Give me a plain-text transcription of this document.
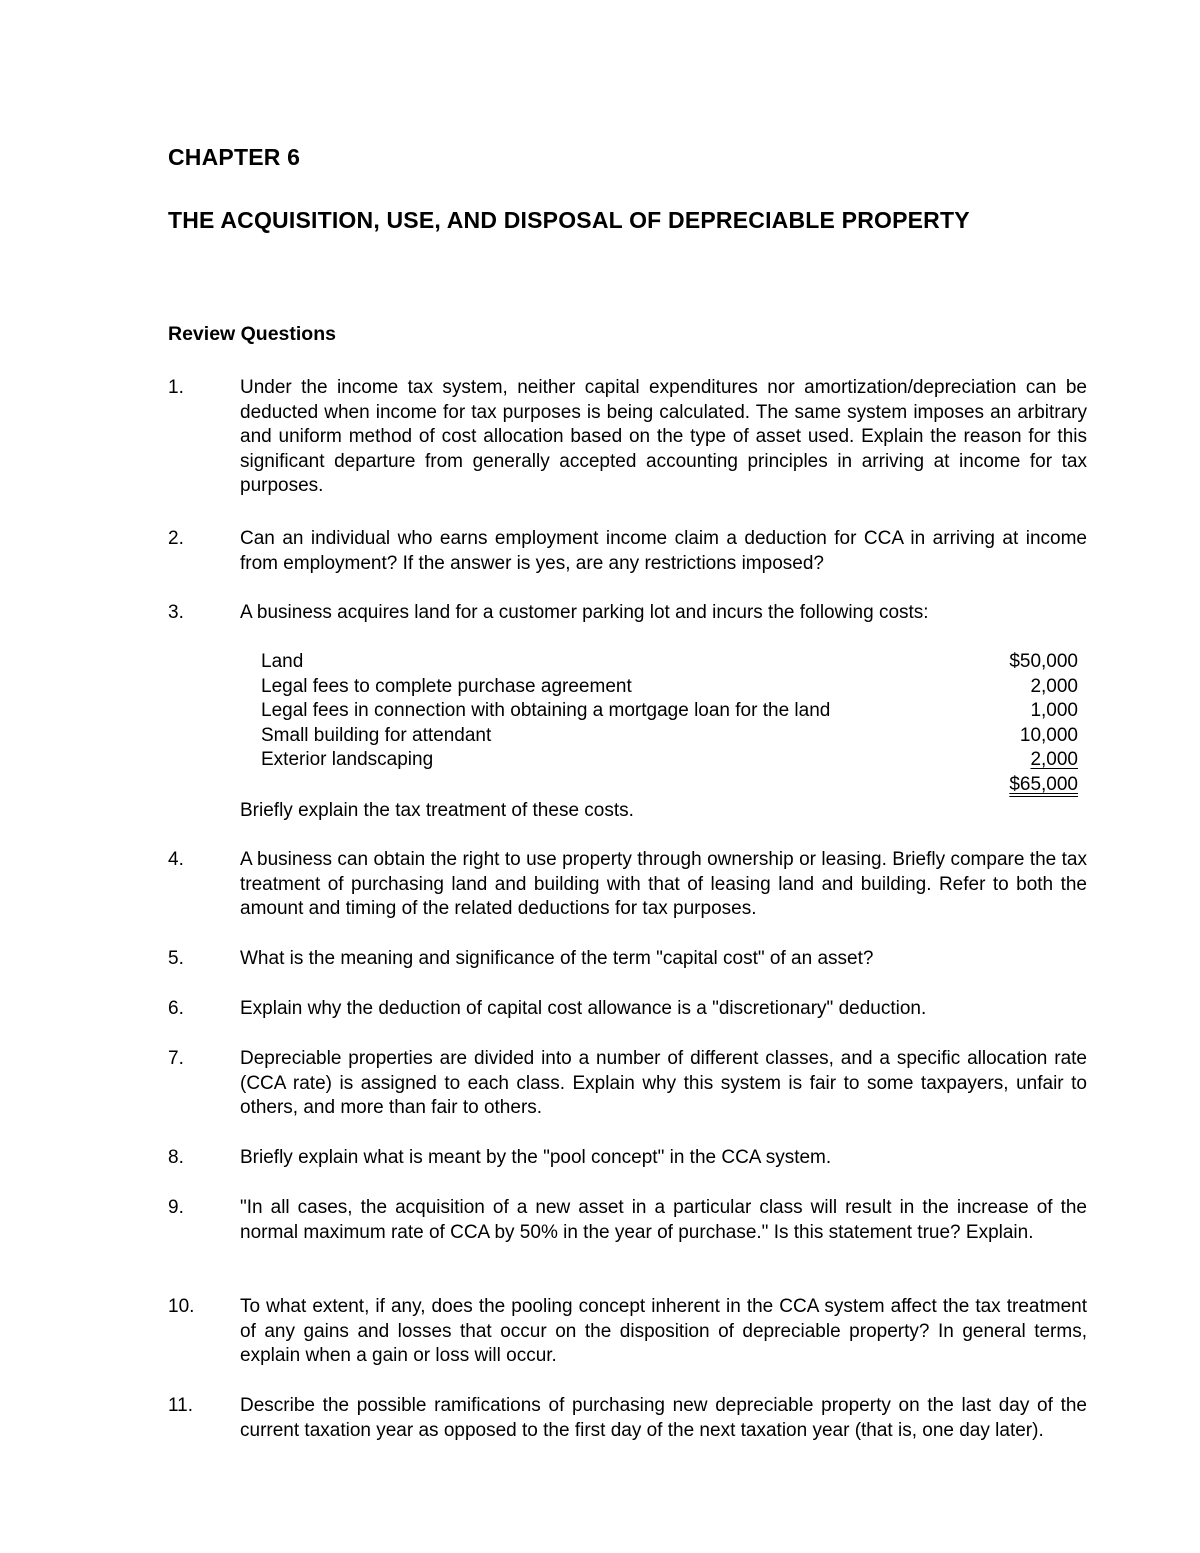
CHAPTER 6
THE ACQUISITION, USE, AND DISPOSAL OF DEPRECIABLE PROPERTY
Review Questions
1.	Under the income tax system, neither capital expenditures nor amortization/depreciation can be deducted when income for tax purposes is being calculated. The same system imposes an arbitrary and uniform method of cost allocation based on the type of asset used. Explain the reason for this significant departure from generally accepted accounting principles in arriving at income for tax purposes.
2.	Can an individual who earns employment income claim a deduction for CCA in arriving at income from employment? If the answer is yes, are any restrictions imposed?
3.	A business acquires land for a customer parking lot and incurs the following costs:
Land	$50,000
Legal fees to complete purchase agreement	2,000
Legal fees in connection with obtaining a mortgage loan for the land	1,000
Small building for attendant	10,000
Exterior landscaping	2,000
$65,000
Briefly explain the tax treatment of these costs.
4.	A business can obtain the right to use property through ownership or leasing. Briefly compare the tax treatment of purchasing land and building with that of leasing land and building. Refer to both the amount and timing of the related deductions for tax purposes.
5.	What is the meaning and significance of the term "capital cost" of an asset?
6.	Explain why the deduction of capital cost allowance is a "discretionary" deduction.
7.	Depreciable properties are divided into a number of different classes, and a specific allocation rate (CCA rate) is assigned to each class. Explain why this system is fair to some taxpayers, unfair to others, and more than fair to others.
8.	Briefly explain what is meant by the "pool concept" in the CCA system.
9.	"In all cases, the acquisition of a new asset in a particular class will result in the increase of the normal maximum rate of CCA by 50% in the year of purchase." Is this statement true? Explain.
10.	To what extent, if any, does the pooling concept inherent in the CCA system affect the tax treatment of any gains and losses that occur on the disposition of depreciable property? In general terms, explain when a gain or loss will occur.
11.	Describe the possible ramifications of purchasing new depreciable property on the last day of the current taxation year as opposed to the first day of the next taxation year (that is, one day later).
